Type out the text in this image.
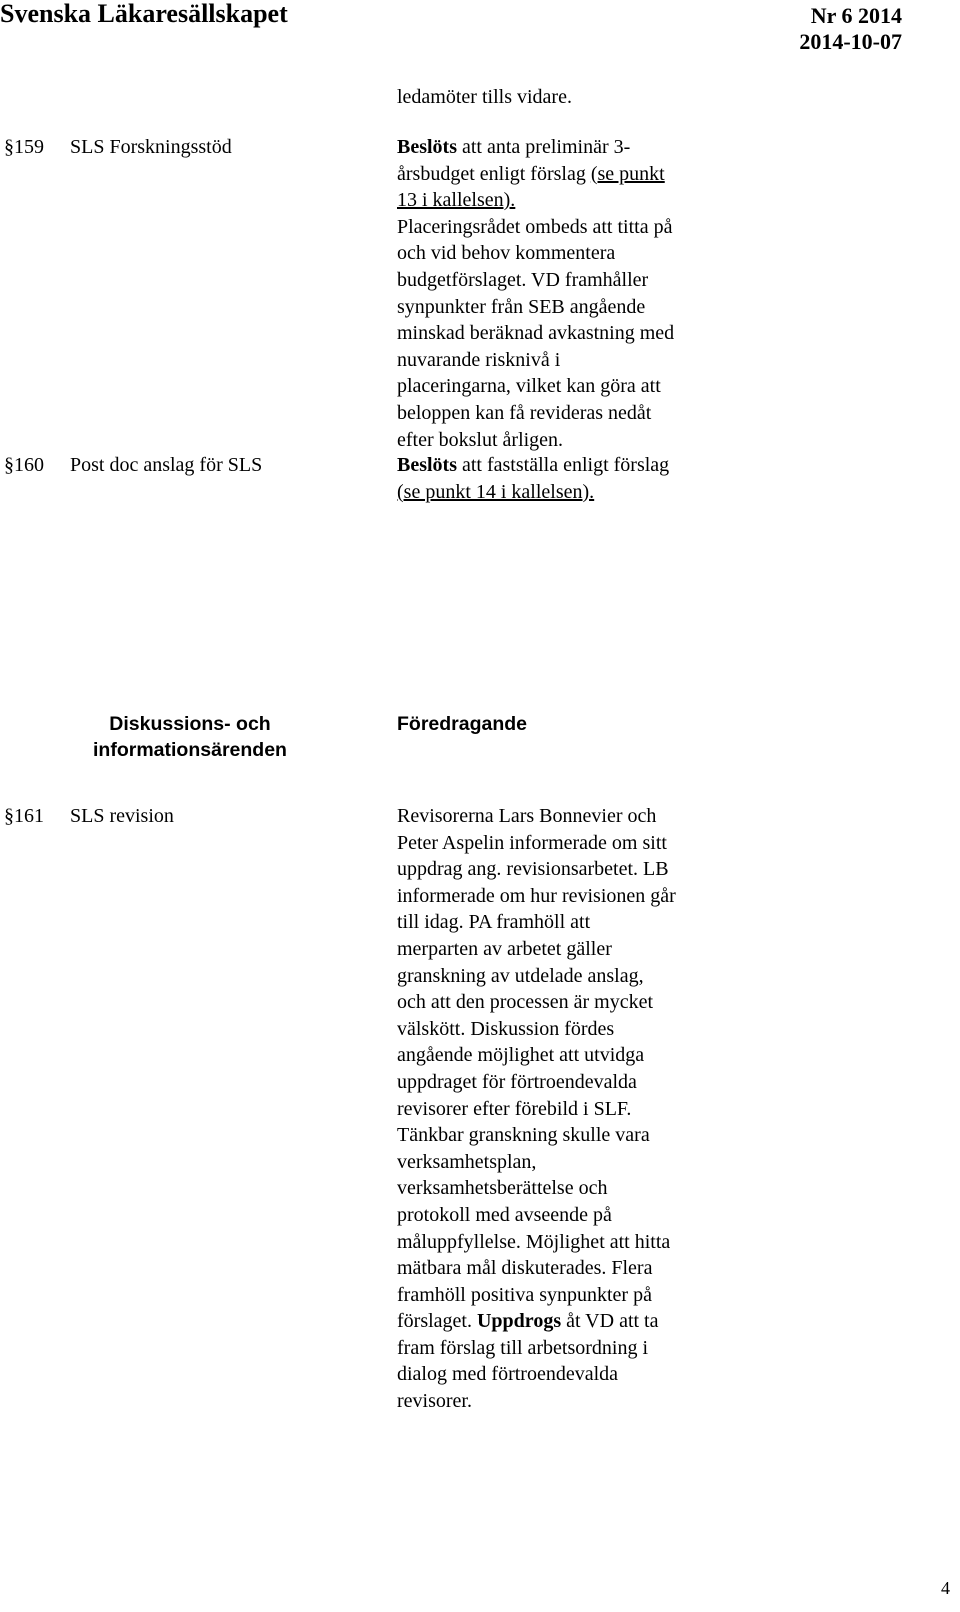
Svenska Läkaresällskapet	Nr 6 2014
2014-10-07

ledamöter tills vidare.

§159 SLS Forskningsstöd	Beslöts att anta preliminär 3-

årsbudget enligt förslag (se punkt

13 i kallelsen).

Placeringsrådet ombeds att titta på

och vid behov kommentera

budgetförslaget. VD framhåller

synpunkter från SEB angående

minskad beräknad avkastning med

nuvarande risknivå i

placeringarna, vilket kan göra att

beloppen kan få revideras nedåt

efter bokslut årligen.

§160 Post doc anslag för SLS	Beslöts att fastställa enligt förslag

(se punkt 14 i kallelsen).

Diskussions- och
informationsärenden
Föredragande
§161 SLS revision	Revisorerna Lars Bonnevier och

Peter Aspelin informerade om sitt

uppdrag ang. revisionsarbetet. LB

informerade om hur revisionen går

till idag. PA framhöll att

merparten av arbetet gäller

granskning av utdelade anslag,

och att den processen är mycket

välskött. Diskussion fördes

angående möjlighet att utvidga

uppdraget för förtroendevalda

revisorer efter förebild i SLF.

Tänkbar granskning skulle vara

verksamhetsplan,

verksamhetsberättelse och

protokoll med avseende på

måluppfyllelse. Möjlighet att hitta

mätbara mål diskuterades. Flera

framhöll positiva synpunkter på

förslaget. Uppdrogs åt VD att ta

fram förslag till arbetsordning i

dialog med förtroendevalda

revisorer.

4
